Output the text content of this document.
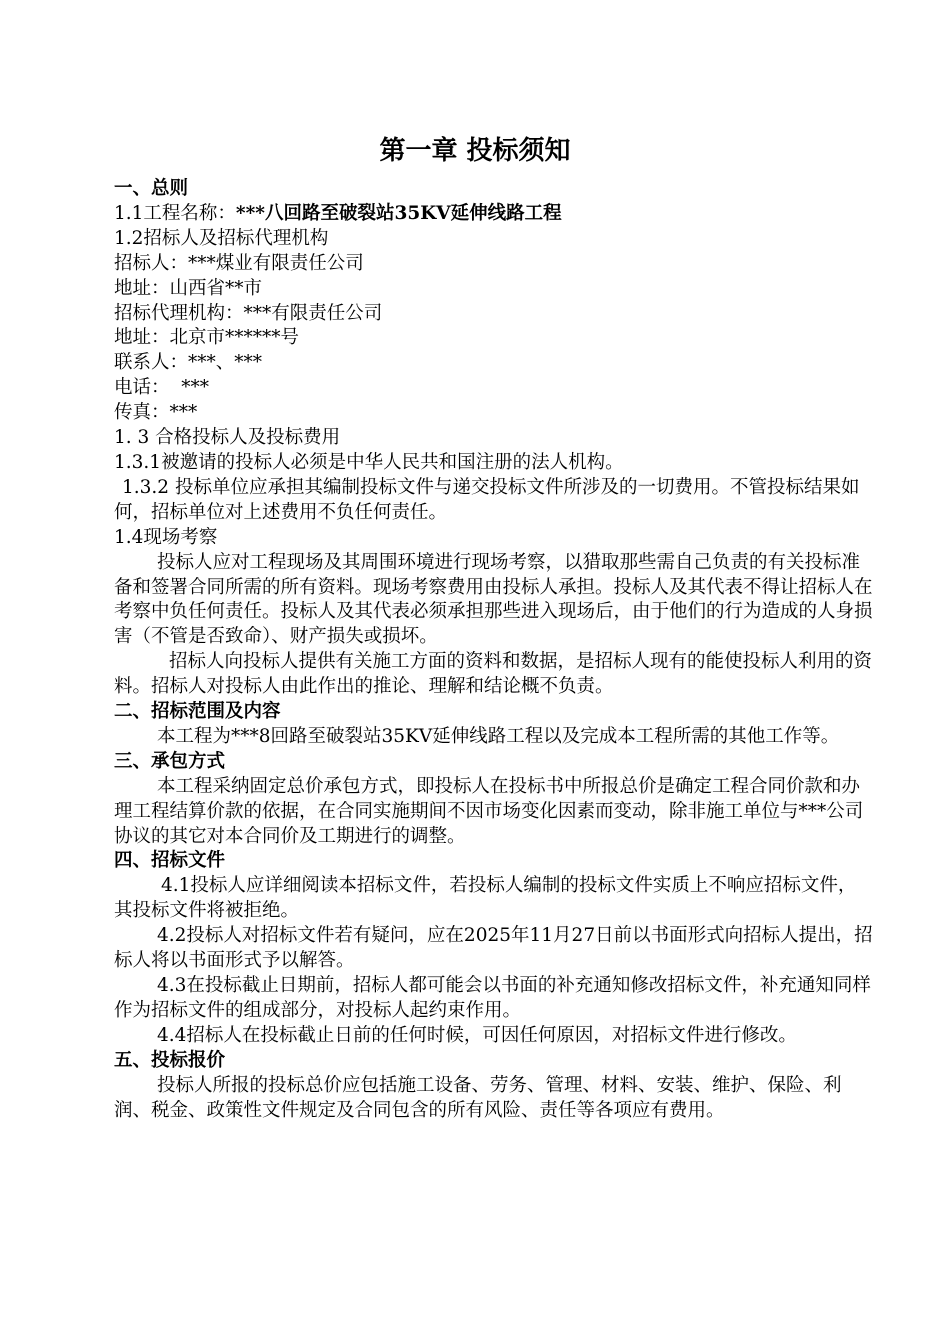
第一章 投标须知

一、总则

1.1工程名称：***八回路至破裂站35KV延伸线路工程

1.2招标人及招标代理机构

招标人：***煤业有限责任公司

地址：山西省**市

招标代理机构：***有限责任公司

地址：北京市******号

联系人：***、***

电话：  ***

传真：***

1. 3 合格投标人及投标费用

1.3.1被邀请的投标人必须是中华人民共和国注册的法人机构。

1.3.2 投标单位应承担其编制投标文件与递交投标文件所涉及的一切费用。不管投标结果如何，招标单位对上述费用不负任何责任。

1.4现场考察

投标人应对工程现场及其周围环境进行现场考察，以猎取那些需自己负责的有关投标准备和签署合同所需的所有资料。现场考察费用由投标人承担。投标人及其代表不得让招标人在考察中负任何责任。投标人及其代表必须承担那些进入现场后，由于他们的行为造成的人身损害（不管是否致命）、财产损失或损坏。

招标人向投标人提供有关施工方面的资料和数据，是招标人现有的能使投标人利用的资料。招标人对投标人由此作出的推论、理解和结论概不负责。

二、招标范围及内容

本工程为***8回路至破裂站35KV延伸线路工程以及完成本工程所需的其他工作等。

三、承包方式

本工程采纳固定总价承包方式，即投标人在投标书中所报总价是确定工程合同价款和办理工程结算价款的依据，在合同实施期间不因市场变化因素而变动，除非施工单位与***公司协议的其它对本合同价及工期进行的调整。

四、招标文件

4.1投标人应详细阅读本招标文件，若投标人编制的投标文件实质上不响应招标文件，其投标文件将被拒绝。

4.2投标人对招标文件若有疑问，应在2025年11月27日前以书面形式向招标人提出，招标人将以书面形式予以解答。

4.3在投标截止日期前，招标人都可能会以书面的补充通知修改招标文件，补充通知同样作为招标文件的组成部分，对投标人起约束作用。

4.4招标人在投标截止日前的任何时候，可因任何原因，对招标文件进行修改。

五、投标报价

投标人所报的投标总价应包括施工设备、劳务、管理、材料、安装、维护、保险、利润、税金、政策性文件规定及合同包含的所有风险、责任等各项应有费用。
